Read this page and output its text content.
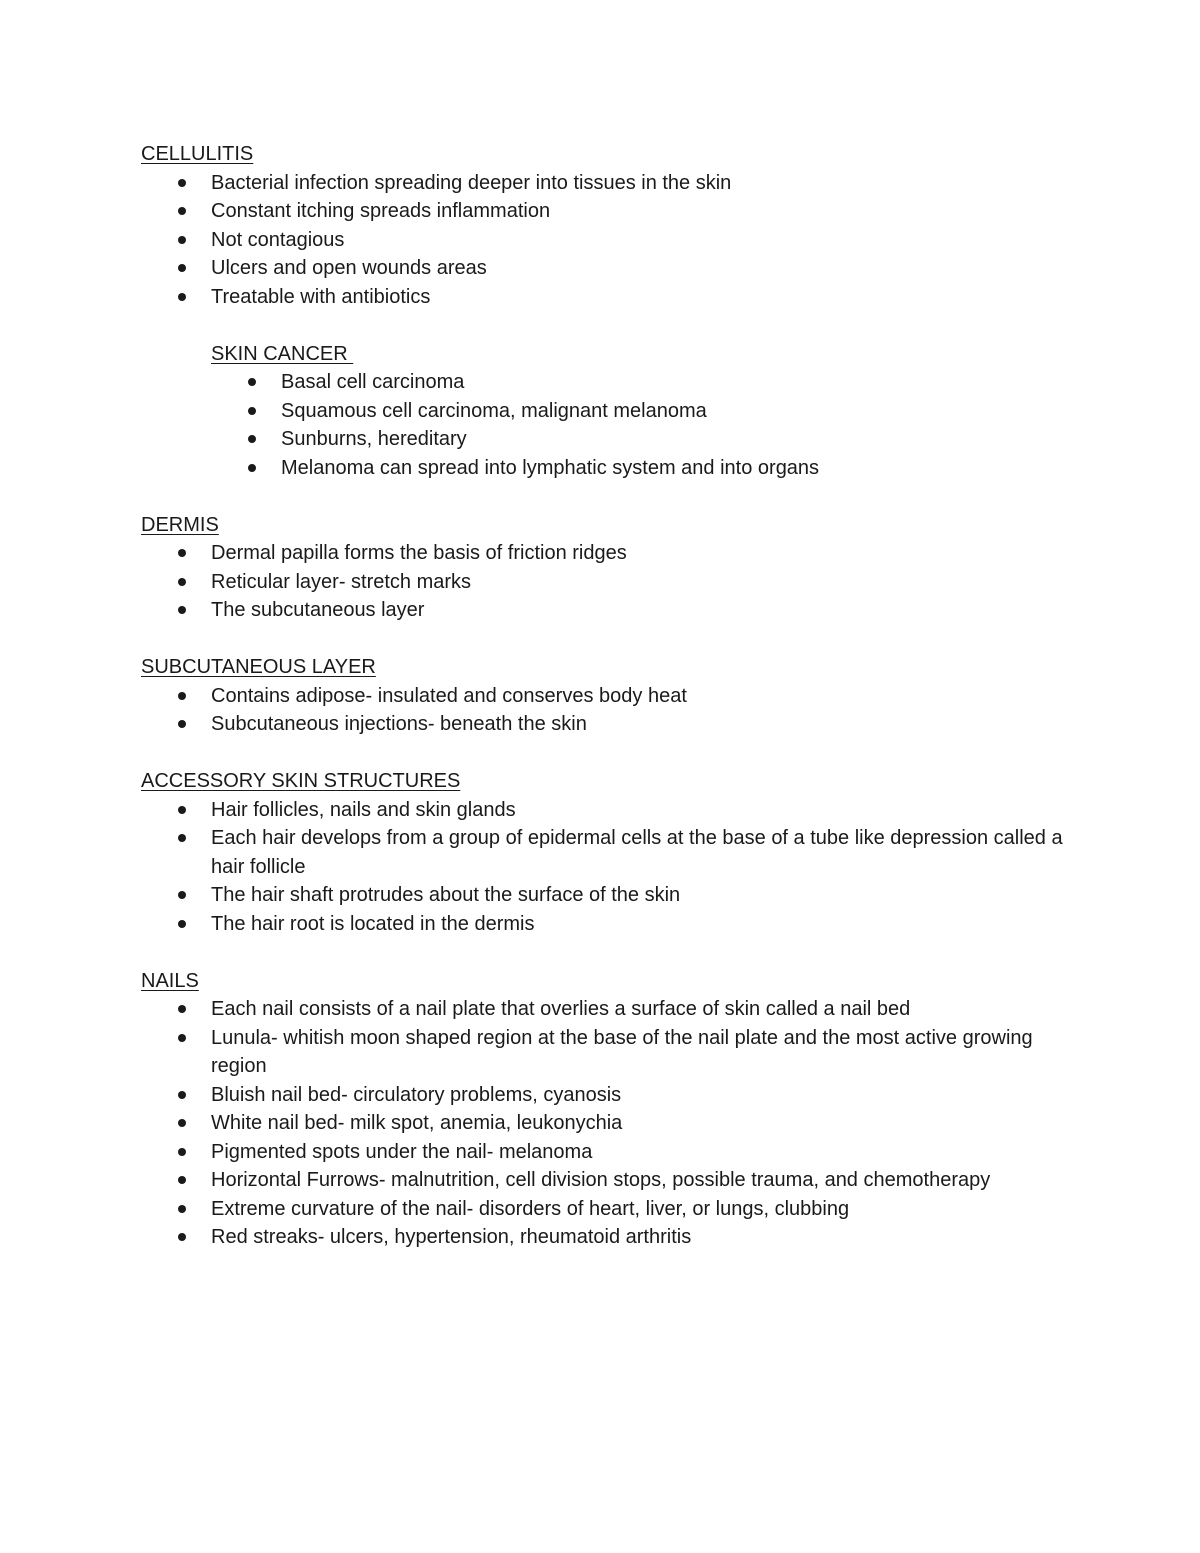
CELLULITIS
Bacterial infection spreading deeper into tissues in the skin
Constant itching spreads inflammation
Not contagious
Ulcers and open wounds areas
Treatable with antibiotics
SKIN CANCER
Basal cell carcinoma
Squamous cell carcinoma, malignant melanoma
Sunburns, hereditary
Melanoma can spread into lymphatic system and into organs
DERMIS
Dermal papilla forms the basis of friction ridges
Reticular layer- stretch marks
The subcutaneous layer
SUBCUTANEOUS LAYER
Contains adipose- insulated and conserves body heat
Subcutaneous injections- beneath the skin
ACCESSORY SKIN STRUCTURES
Hair follicles, nails and skin glands
Each hair develops from a group of epidermal cells at the base of a tube like depression called a hair follicle
The hair shaft protrudes about the surface of the skin
The hair root is located in the dermis
NAILS
Each nail consists of a nail plate that overlies a surface of skin called a nail bed
Lunula- whitish moon shaped region at the base of the nail plate and the most active growing region
Bluish nail bed- circulatory problems, cyanosis
White nail bed- milk spot, anemia, leukonychia
Pigmented spots under the nail- melanoma
Horizontal Furrows- malnutrition, cell division stops, possible trauma, and chemotherapy
Extreme curvature of the nail- disorders of heart, liver, or lungs, clubbing
Red streaks- ulcers, hypertension, rheumatoid arthritis
